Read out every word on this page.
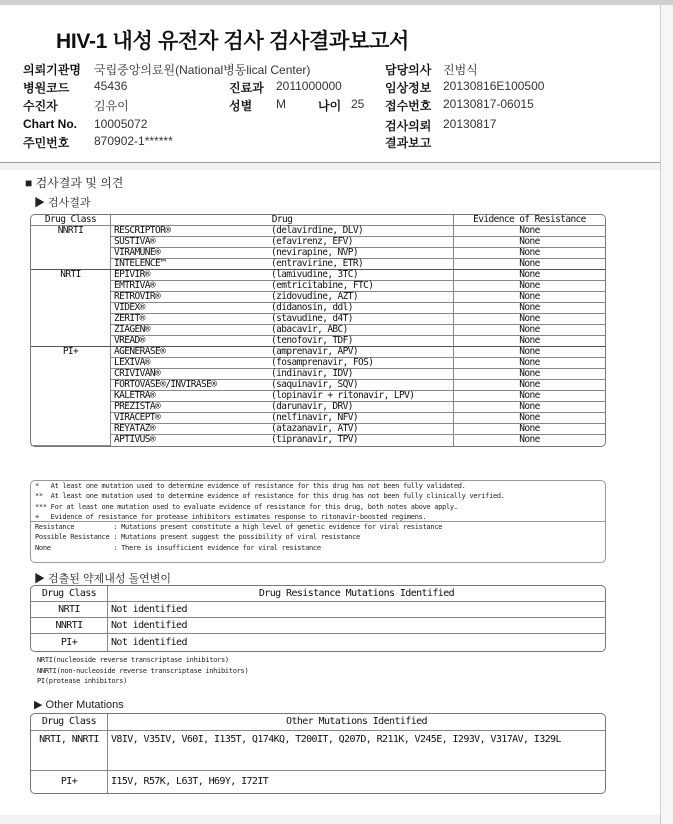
HIV-1 내성 유전자 검사 검사결과보고서
의뢰기관명 국립중앙의료원(National병동lical Center)	담당의사 진범식
병원코드 45436	진료과 2011000000	임상정보 20130816E100500
수진자	김유이	성별 M	나이 25 접수번호 20130817-06015
Chart No. 10005072	검사의뢰 20130817
주민번호 870902-1******	결과보고
■ 검사결과 및 의견
▶ 검사결과
Drug Class	Drug		Evidence of Resistance
NNRTI	RESCRIPTOR®	(delavirdine, DLV)	None
	SUSTIVA®	(efavirenz, EFV)	None
	VIRAMUNE®	(nevirapine, NVP)	None
	INTELENCE™	(entravirine, ETR)	None
NRTI	EPIVIR®	(lamivudine, 3TC)	None
	EMTRIVA®	(emtricitabine, FTC)	None
	RETROVIR®	(zidovudine, AZT)	None
	VIDEX®	(didanosin, ddl)	None
	ZERIT®	(stavudine, d4T)	None
	ZIAGEN®	(abacavir, ABC)	None
	VREAD®	(tenofovir, TDF)	None
PI+	AGENERASE®	(amprenavir, APV)	None
	LEXIVA®	(fosamprenavir, FOS)	None
	CRIVIVAN®	(indinavir, IDV)	None
	FORTOVASE®/INVIRASE®	(saquinavir, SQV)	None
	KALETRA®	(lopinavir + ritonavir, LPV)	None
	PREZISTA®	(darunavir, DRV)	None
	VIRACEPT®	(nelfinavir, NFV)	None
	REYATAZ®	(atazanavir, ATV)	None
	APTIVUS®	(tipranavir, TPV)	None
*   At least one mutation used to determine evidence of resistance for this drug has not been fully validated.
**  At least one mutation used to determine evidence of resistance for this drug has not been fully clinically verified.
*** For at least one mutation used to evaluate evidence of resistance for this drug, both notes above apply.
+   Evidence of resistance for protease inhibitors estimates response to ritonavir-boosted regimens.
Resistance          : Mutations present constitute a high level of genetic evidence for viral resistance
Possible Resistance : Mutations present suggest the possibility of viral resistance
None                : There is insufficient evidence for viral resistance
▶ 검출된 약제내성 돌연변이
Drug Class	Drug Resistance Mutations Identified
NRTI	Not identified
NNRTI	Not identified
PI+	Not identified
NRTI(nucleoside reverse transcriptase inhibitors)
NNRTI(non-nucleoside reverse transcriptase inhibitors)
PI(protease inhibitors)
▶ Other Mutations
Drug Class	Other Mutations Identified
NRTI, NNRTI	V8IV, V35IV, V60I, I135T, Q174KQ, T200IT, Q207D, R211K, V245E, I293V, V317AV, I329L
PI+	I15V, R57K, L63T, H69Y, I72IT
